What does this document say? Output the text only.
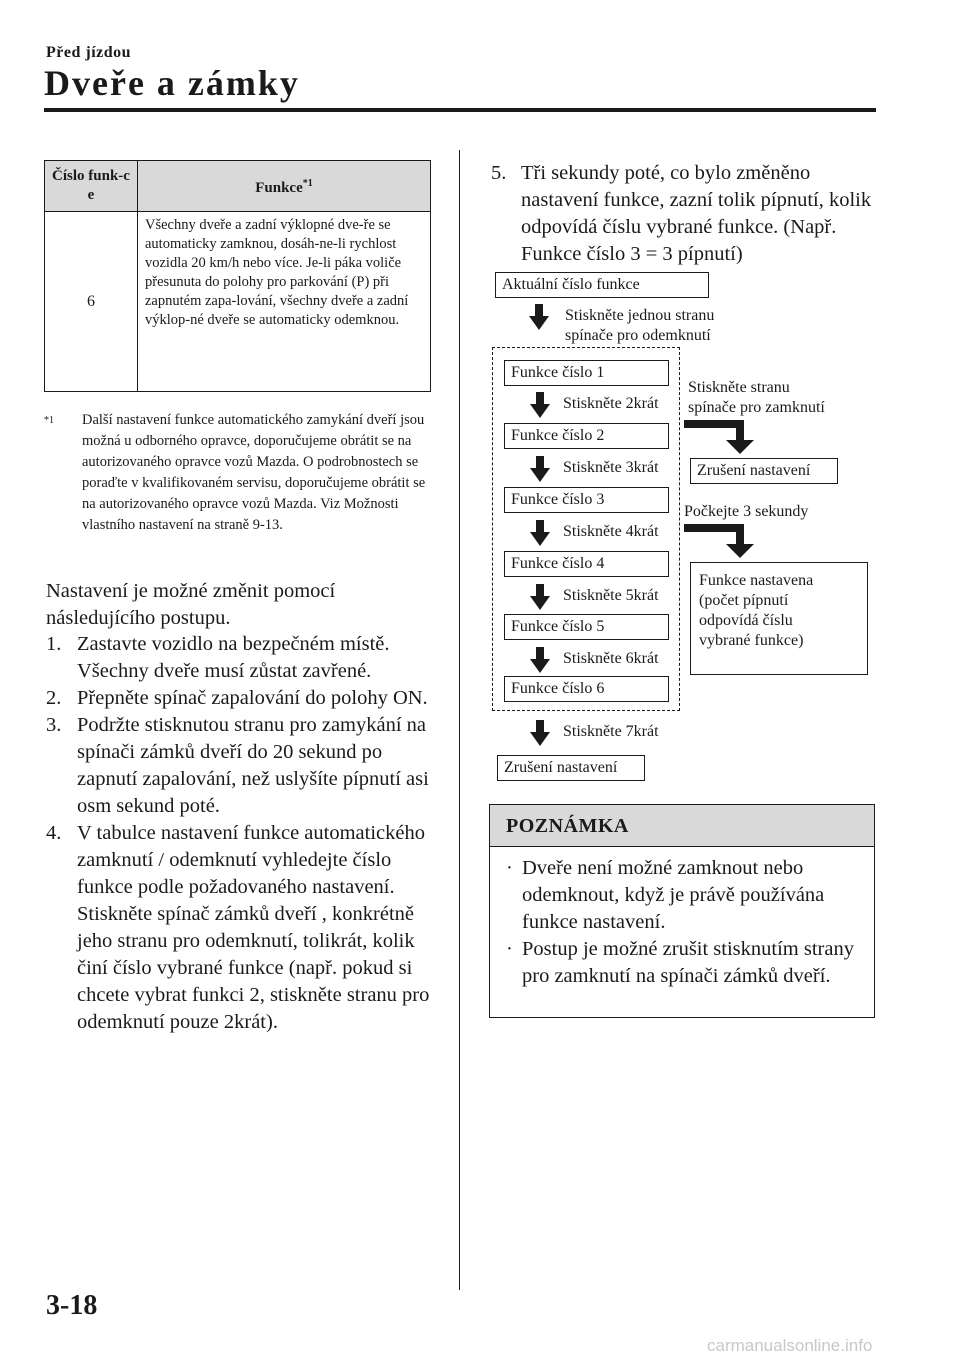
Před jízdou
Dveře a zámky
Číslo funk-ce	Funkce$^{*1}$
6	Všechny dveře a zadní výklopné dve-ře se automaticky zamknou, dosáh-ne-li rychlost vozidla 20 km/h nebo více. Je-li páka voliče přesunuta do polohy pro parkování (P) při zapnutém zapa-lování, všechny dveře a zadní výklop-né dveře se automaticky odemknou.
$^{*1}$	Další nastavení funkce automatického zamykání dveří jsou možná u odborného opravce, doporučujeme obrátit se na autorizovaného opravce vozů Mazda. O podrobnostech se poraďte v kvalifikovaném servisu, doporučujeme obrátit se na autorizovaného opravce vozů Mazda. Viz Možnosti vlastního nastavení na straně 9-13.
Nastavení je možné změnit pomocí následujícího postupu.
1. Zastavte vozidlo na bezpečném místě. Všechny dveře musí zůstat zavřené.
2. Přepněte spínač zapalování do polohy ON.
3. Podržte stisknutou stranu pro zamykání na spínači zámků dveří do 20 sekund po zapnutí zapalování, než uslyšíte pípnutí asi osm sekund poté.
4. V tabulce nastavení funkce automatického zamknutí / odemknutí vyhledejte číslo funkce podle požadovaného nastavení. Stiskněte spínač zámků dveří , konkrétně jeho stranu pro odemknutí, tolikrát, kolik činí číslo vybrané funkce (např. pokud si chcete vybrat funkci 2, stiskněte stranu pro odemknutí pouze 2krát).
5. Tři sekundy poté, co bylo změněno nastavení funkce, zazní tolik pípnutí, kolik odpovídá číslu vybrané funkce. (Např. Funkce číslo 3 = 3 pípnutí)
Aktuální číslo funkce
Stiskněte jednou stranu
spínače pro odemknutí
Funkce číslo 1
Stiskněte 2krát
Funkce číslo 2
Stiskněte 3krát
Funkce číslo 3
Stiskněte 4krát
Funkce číslo 4
Stiskněte 5krát
Funkce číslo 5
Stiskněte 6krát
Funkce číslo 6
Stiskněte 7krát
Zrušení nastavení
Stiskněte stranu
spínače pro zamknutí
Zrušení nastavení
Počkejte 3 sekundy
Funkce nastavena
(počet pípnutí
odpovídá číslu
vybrané funkce)
POZNÁMKA
· Dveře není možné zamknout nebo odemknout, když je právě používána funkce nastavení.
· Postup je možné zrušit stisknutím strany pro zamknutí na spínači zámků dveří.
3-18
carmanualsonline.info
